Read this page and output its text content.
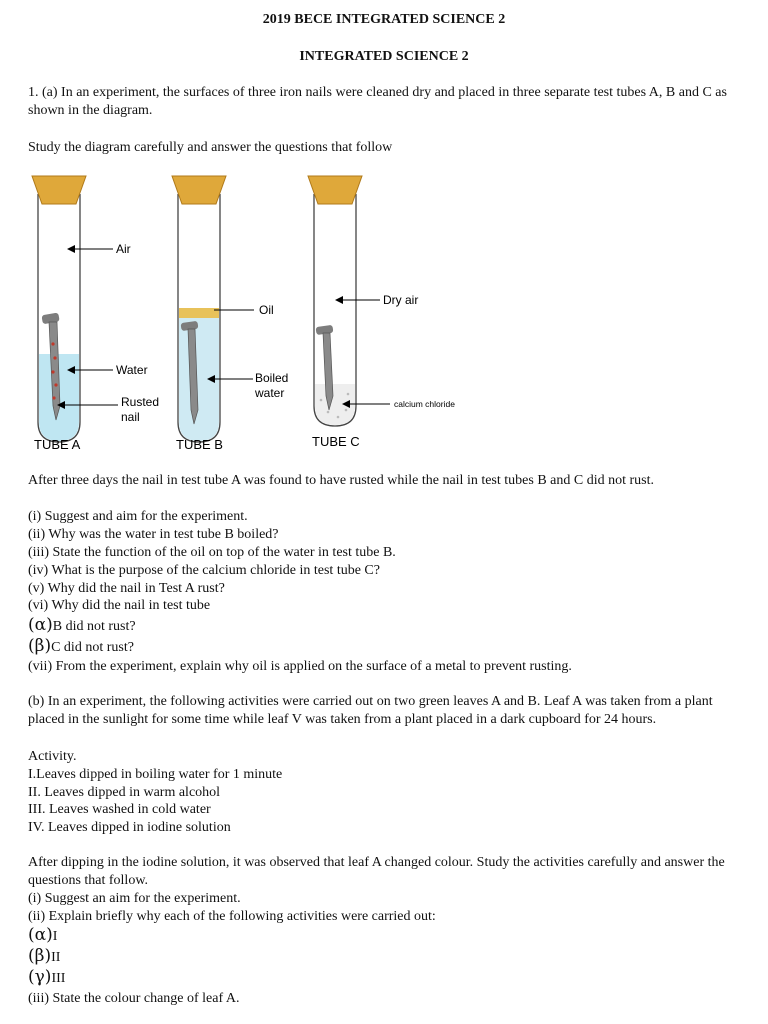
2019 BECE INTEGRATED SCIENCE 2
INTEGRATED SCIENCE 2
1. (a) In an experiment, the surfaces of three iron nails were cleaned dry and placed in three separate test tubes A, B and C as shown in the diagram.
Study the diagram carefully and answer the questions that follow
Air
Water
Rusted
nail
TUBE A
Oil
Boiled
water
TUBE B
Dry air
calcium chloride
TUBE C
After three days the nail in test tube A was found to have rusted while the nail in test tubes B and C did not rust.
(i) Suggest and aim for the experiment.
(ii) Why was the water in test tube B boiled?
(iii) State the function of the oil on top of the water in test tube B.
(iv) What is the purpose of the calcium chloride in test tube C?
(v) Why did the nail in Test A rust?
(vi) Why did the nail in test tube
(α)B did not rust?
(β)C did not rust?
(vii) From the experiment, explain why oil is applied on the surface of a metal to prevent rusting.
(b) In an experiment, the following activities were carried out on two green leaves A and B. Leaf A was taken from a plant placed in the sunlight for some time while leaf V was taken from a plant placed in a dark cupboard for 24 hours.
Activity.
I.Leaves dipped in boiling water for 1 minute
II. Leaves dipped in warm alcohol
III. Leaves washed in cold water
IV. Leaves dipped in iodine solution
After dipping in the iodine solution, it was observed that leaf A changed colour. Study the activities carefully and answer the questions that follow.
(i) Suggest an aim for the experiment.
(ii) Explain briefly why each of the following activities were carried out:
(α)I
(β)II
(γ)III
(iii) State the colour change of leaf A.
